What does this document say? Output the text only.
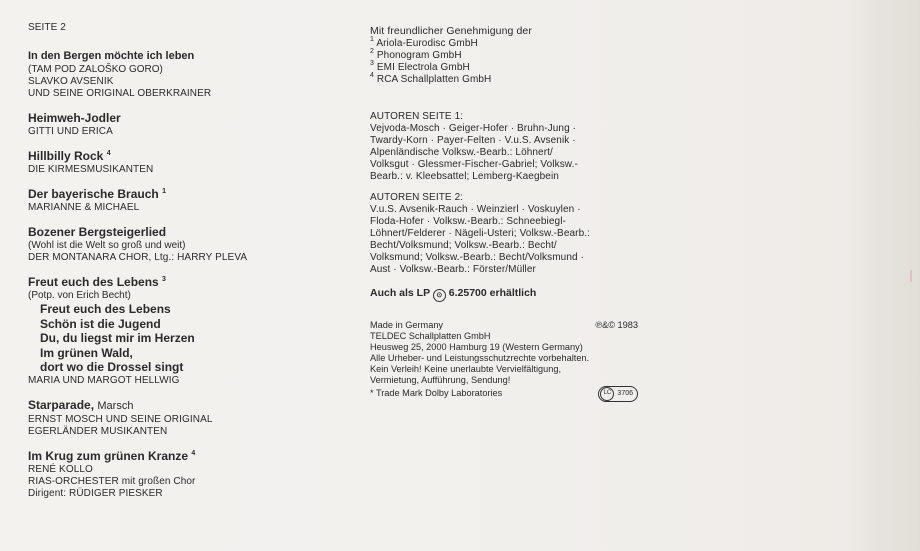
SEITE 2
In den Bergen möchte ich leben
(TAM POD ZALOŠKO GORO)
SLAVKO AVSENIK
UND SEINE ORIGINAL OBERKRAINER
Heimweh-Jodler
GITTI UND ERICA
Hillbilly Rock $^4$
DIE KIRMESMUSIKANTEN
Der bayerische Brauch $^1$
MARIANNE & MICHAEL
Bozener Bergsteigerlied
(Wohl ist die Welt so groß und weit)
DER MONTANARA CHOR, Ltg.: HARRY PLEVA
Freut euch des Lebens $^3$
(Potp. von Erich Becht)
Freut euch des Lebens
Schön ist die Jugend
Du, du liegst mir im Herzen
Im grünen Wald,
dort wo die Drossel singt
MARIA UND MARGOT HELLWIG
Starparade, Marsch
ERNST MOSCH UND SEINE ORIGINAL
EGERLÄNDER MUSIKANTEN
Im Krug zum grünen Kranze $^4$
RENÉ KOLLO
RIAS-ORCHESTER mit großen Chor
Dirigent: RÜDIGER PIESKER
Mit freundlicher Genehmigung der
$^1$ Ariola-Eurodisc GmbH
$^2$ Phonogram GmbH
$^3$ EMI Electrola GmbH
$^4$ RCA Schallplatten GmbH
AUTOREN SEITE 1:
Vejvoda-Mosch · Geiger-Hofer · Bruhn-Jung ·
Twardy-Korn · Payer-Felten · V.u.S. Avsenik ·
Alpenländische Volksw.-Bearb.: Löhnert/
Volksgut · Glessmer-Fischer-Gabriel; Volksw.-
Bearb.: v. Kleebsattel; Lemberg-Kaegbein
AUTOREN SEITE 2:
V.u.S. Avsenik-Rauch · Weinzierl · Voskuylen ·
Floda-Hofer · Volksw.-Bearb.: Schneebiegl-
Löhnert/Felderer · Nägeli-Usteri; Volksw.-Bearb.:
Becht/Volksmund; Volksw.-Bearb.: Becht/
Volksmund; Volksw.-Bearb.: Becht/Volksmund ·
Aust · Volksw.-Bearb.: Förster/Müller
Auch als LP ⊙ 6.25700 erhältlich
Made in Germany	℗&© 1983
TELDEC Schallplatten GmbH
Heusweg 25, 2000 Hamburg 19 (Western Germany)
Alle Urheber- und Leistungsschutzrechte vorbehalten.
Kein Verleih! Keine unerlaubte Vervielfältigung,
Vermietung, Aufführung, Sendung!
* Trade Mark Dolby Laboratories	LC 3706
